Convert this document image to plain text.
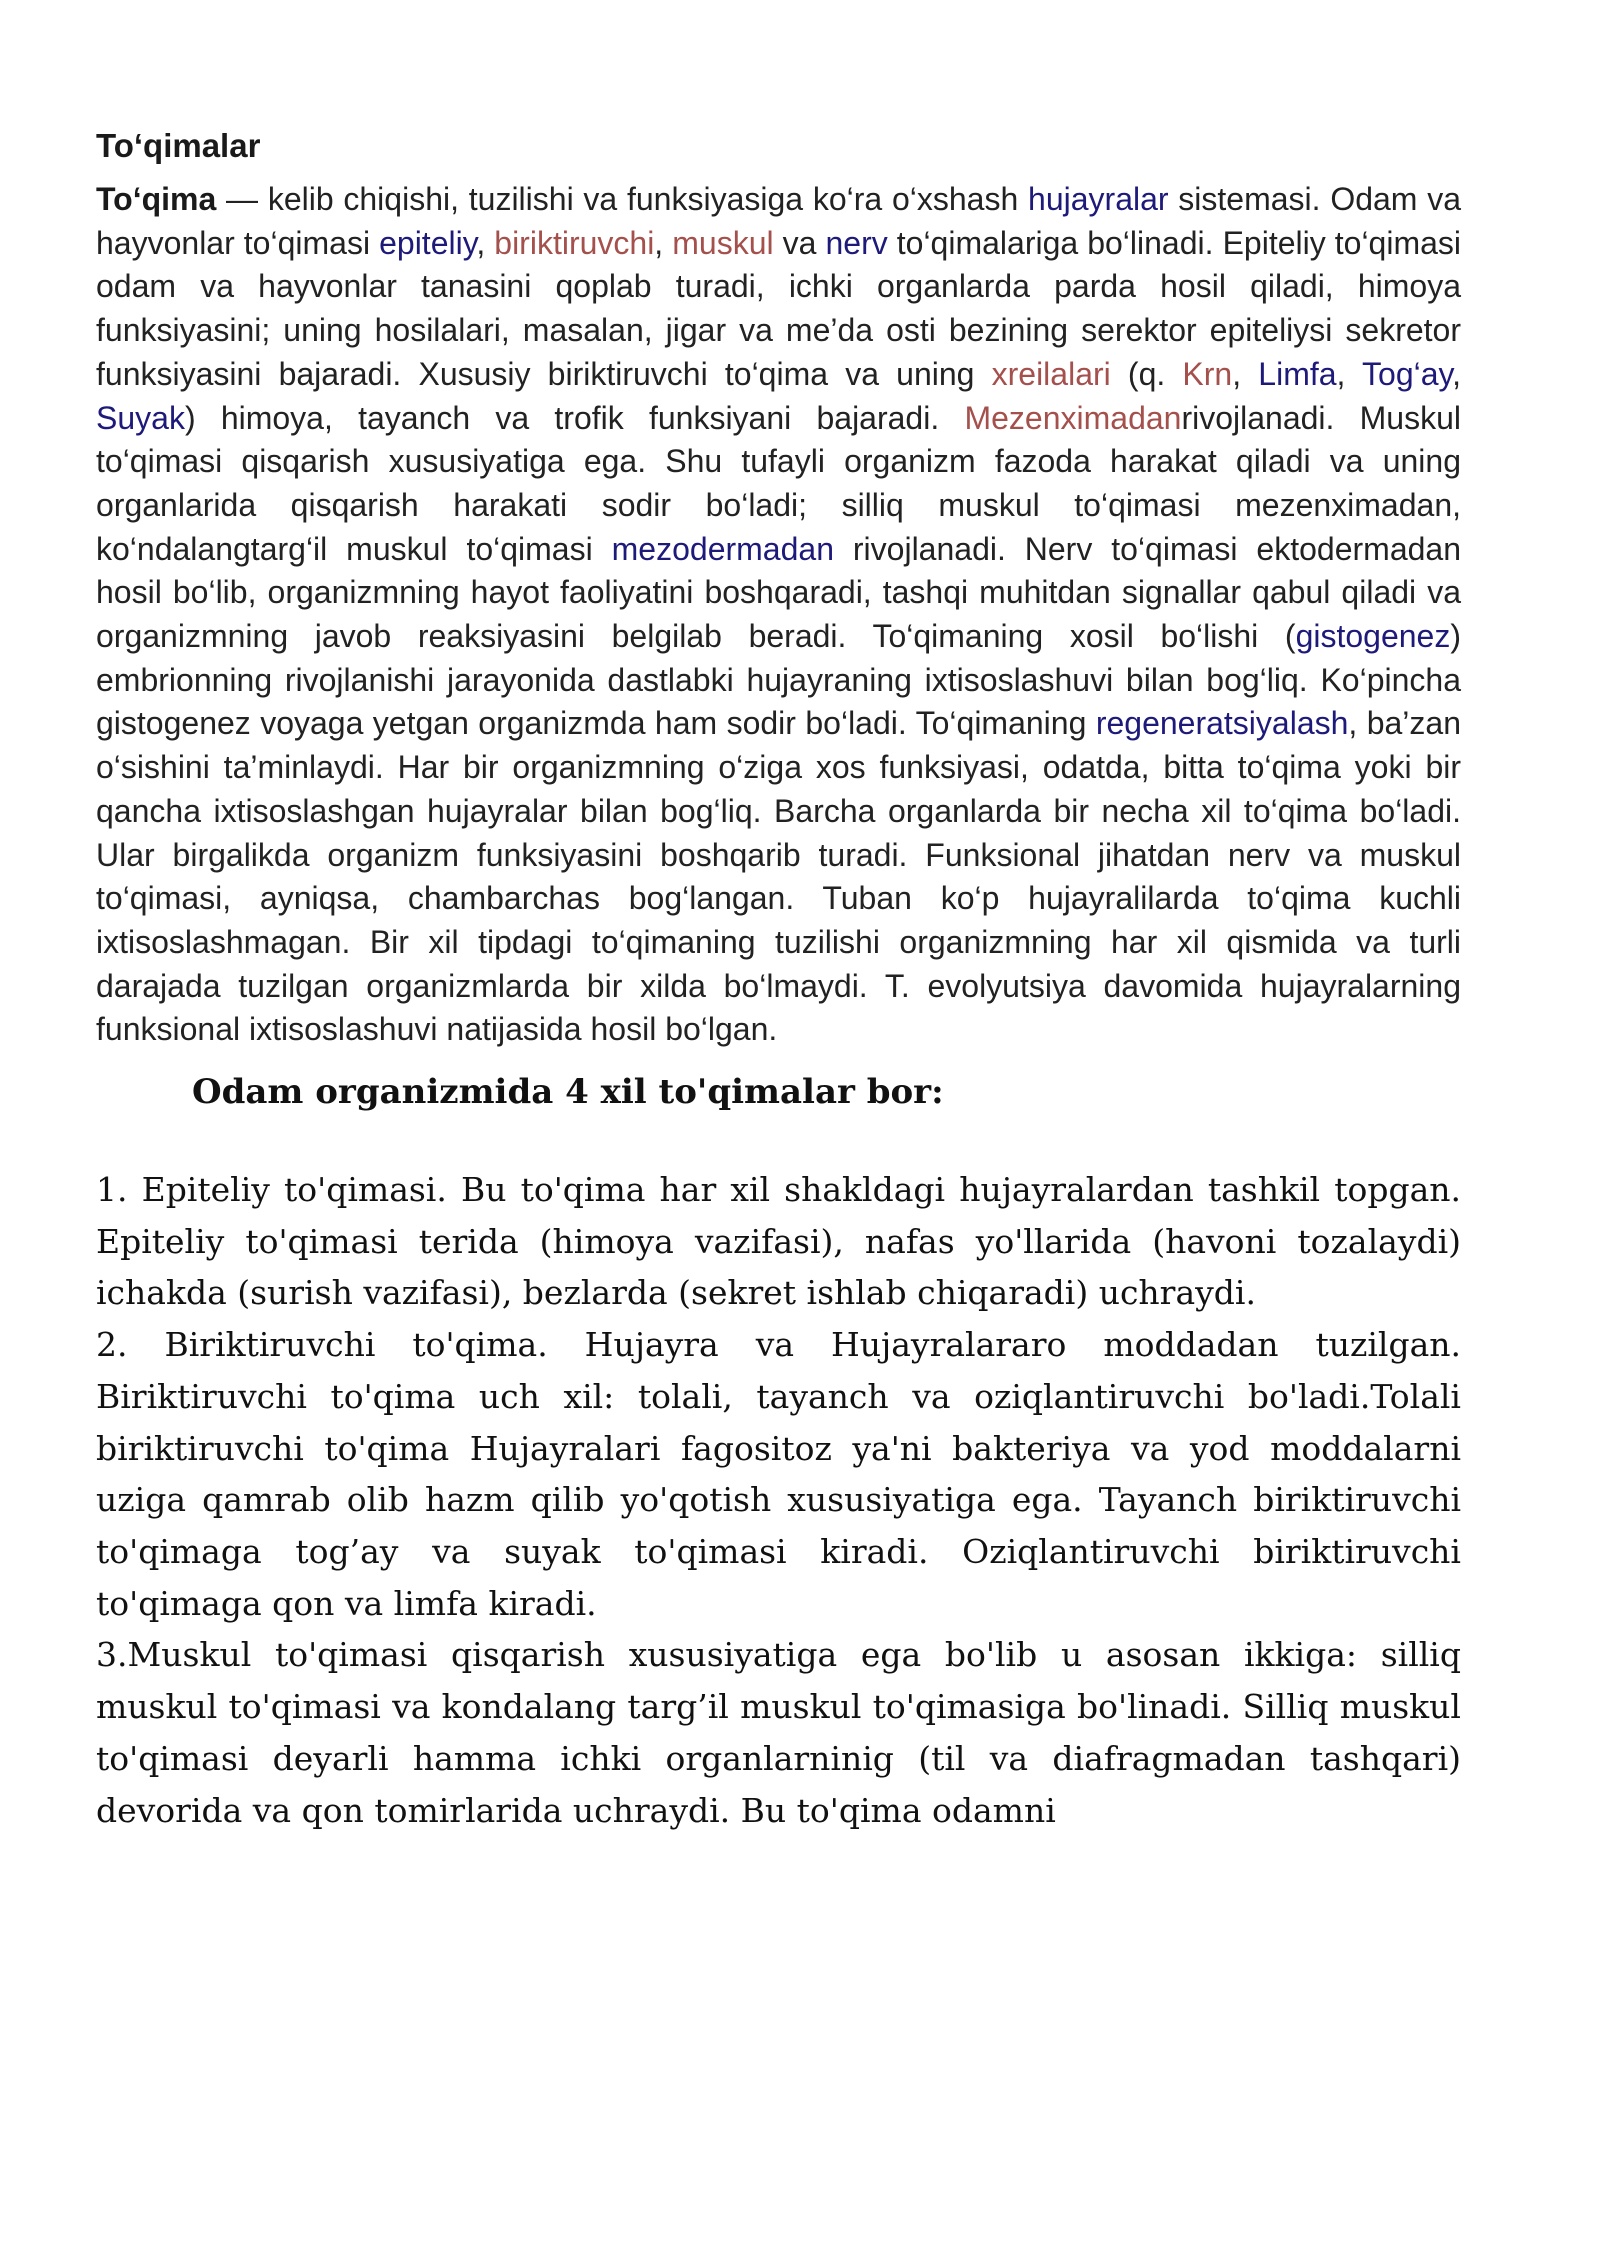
To‘qimalar

To‘qima — kelib chiqishi, tuzilishi va funksiyasiga ko‘ra o‘xshash hujayralar sistemasi. Odam va hayvonlar to‘qimasi epiteliy, biriktiruvchi, muskul va nerv to‘qimalariga bo‘linadi. Epiteliy to‘qimasi odam va hayvonlar tanasini qoplab turadi, ichki organlarda parda hosil qiladi, himoya funksiyasini; uning hosilalari, masalan, jigar va me’da osti bezining serektor epiteliysi sekretor funksiyasini bajaradi. Xususiy biriktiruvchi to‘qima va uning xreilalari (q. Krn, Limfa, Tog‘ay, Suyak) himoya, tayanch va trofik funksiyani bajaradi. Mezenximadanrivojlanadi. Muskul to‘qimasi qisqarish xususiyatiga ega. Shu tufayli organizm fazoda harakat qiladi va uning organlarida qisqarish harakati sodir bo‘ladi; silliq muskul to‘qimasi mezenximadan, ko‘ndalangtarg‘il muskul to‘qimasi mezodermadan rivojlanadi. Nerv to‘qimasi ektodermadan hosil bo‘lib, organizmning hayot faoliyatini boshqaradi, tashqi muhitdan signallar qabul qiladi va organizmning javob reaksiyasini belgilab beradi. To‘qimaning xosil bo‘lishi (gistogenez) embrionning rivojlanishi jarayonida dastlabki hujayraning ixtisoslashuvi bilan bog‘liq. Ko‘pincha gistogenez voyaga yetgan organizmda ham sodir bo‘ladi. To‘qimaning regeneratsiyalash, ba’zan o‘sishini ta’minlaydi. Har bir organizmning o‘ziga xos funksiyasi, odatda, bitta to‘qima yoki bir qancha ixtisoslashgan hujayralar bilan bog‘liq. Barcha organlarda bir necha xil to‘qima bo‘ladi. Ular birgalikda organizm funksiyasini boshqarib turadi. Funksional jihatdan nerv va muskul to‘qimasi, ayniqsa, chambarchas bog‘langan. Tuban ko‘p hujayralilarda to‘qima kuchli ixtisoslashmagan. Bir xil tipdagi to‘qimaning tuzilishi organizmning har xil qismida va turli darajada tuzilgan organizmlarda bir xilda bo‘lmaydi. T. evolyutsiya davomida hujayralarning funksional ixtisoslashuvi natijasida hosil bo‘lgan.

Odam organizmida 4 xil to'qimalar bor:

1. Epiteliy to'qimasi. Bu to'qima har xil shakldagi hujayralardan tashkil topgan. Epiteliy to'qimasi terida (himoya vazifasi), nafas yo'llarida (havoni tozalaydi) ichakda (surish vazifasi), bezlarda (sekret ishlab chiqaradi) uchraydi.

2. Biriktiruvchi to'qima. Hujayra va Hujayralararo moddadan tuzilgan. Biriktiruvchi to'qima uch xil: tolali, tayanch va oziqlantiruvchi bo'ladi.Tolali biriktiruvchi to'qima Hujayralari fagositoz ya'ni bakteriya va yod moddalarni uziga qamrab olib hazm qilib yo'qotish xususiyatiga ega. Tayanch biriktiruvchi to'qimaga tog’ay va suyak to'qimasi kiradi. Oziqlantiruvchi biriktiruvchi to'qimaga qon va limfa kiradi.

3.Muskul to'qimasi qisqarish xususiyatiga ega bo'lib u asosan ikkiga: silliq muskul to'qimasi va kondalang targ’il muskul to'qimasiga bo'linadi. Silliq muskul to'qimasi deyarli hamma ichki organlarninig (til va diafragmadan tashqari) devorida va qon tomirlarida uchraydi. Bu to'qima odamni
